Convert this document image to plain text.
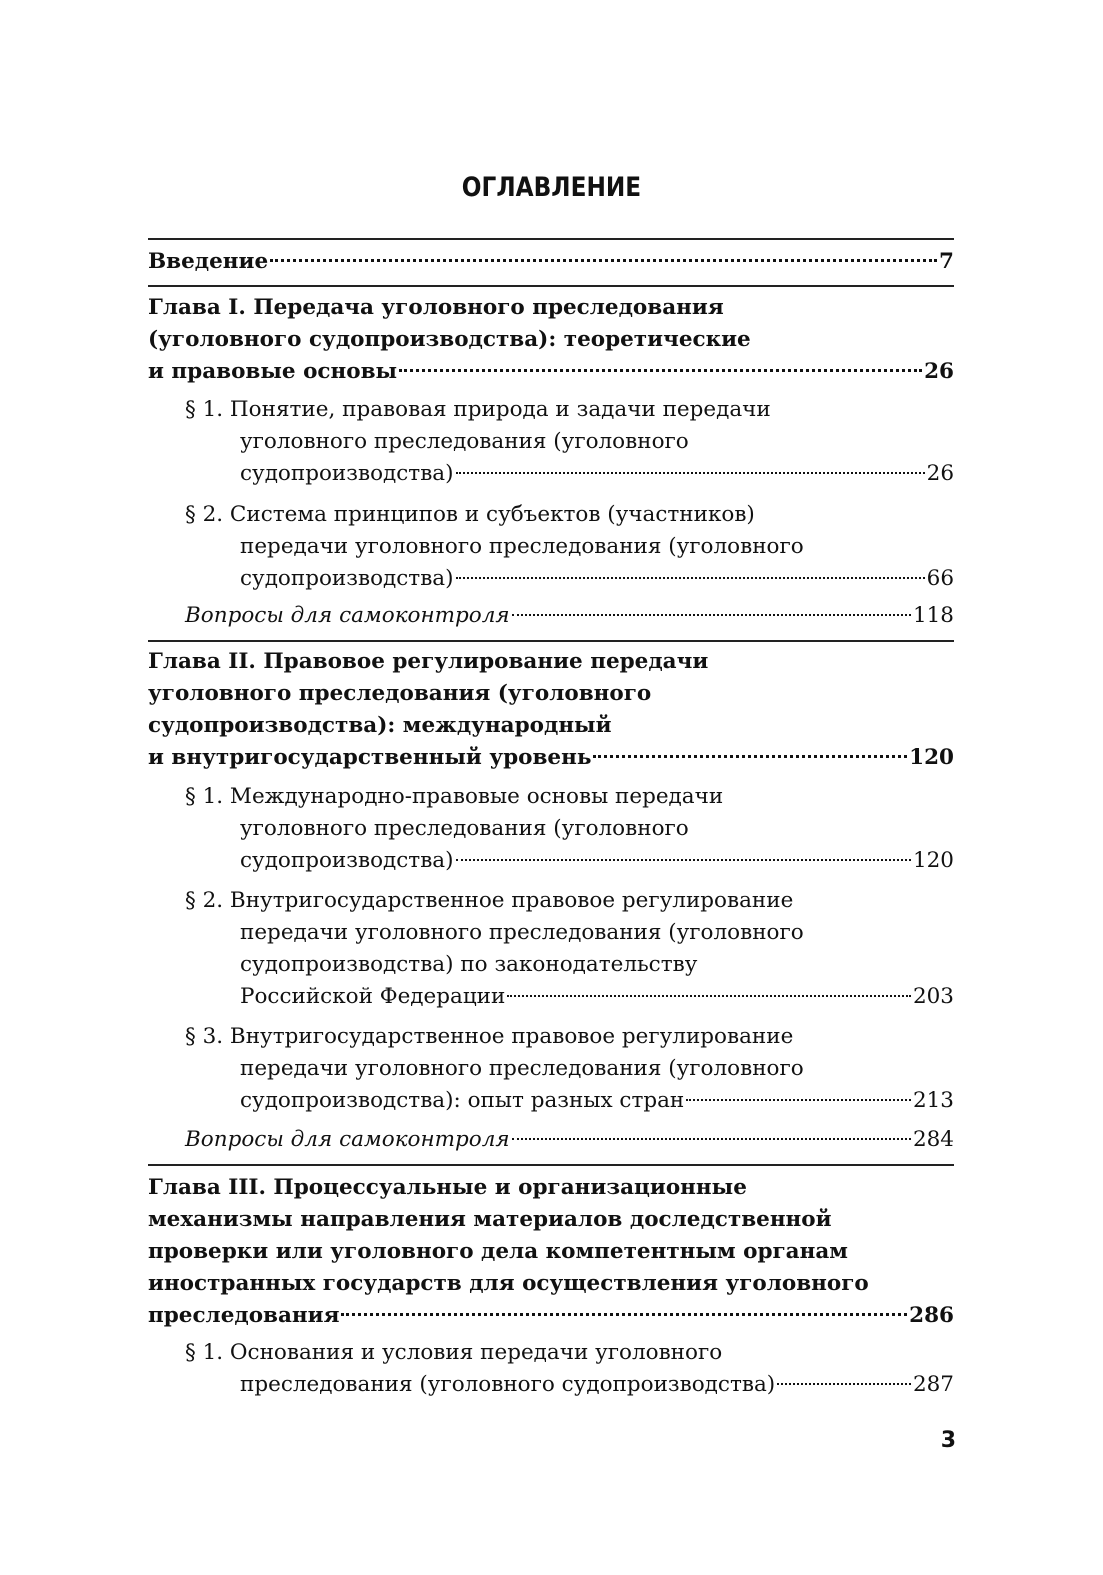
ОГЛАВЛЕНИЕ
Введение	7
Глава I. Передача уголовного преследования
(уголовного судопроизводства): теоретические
и правовые основы	26
§ 1. Понятие, правовая природа и задачи передачи
уголовного преследования (уголовного
судопроизводства)	26
§ 2. Система принципов и субъектов (участников)
передачи уголовного преследования (уголовного
судопроизводства)	66
Вопросы для самоконтроля	118
Глава II. Правовое регулирование передачи
уголовного преследования (уголовного
судопроизводства): международный
и внутригосударственный уровень	120
§ 1. Международно-правовые основы передачи
уголовного преследования (уголовного
судопроизводства)	120
§ 2. Внутригосударственное правовое регулирование
передачи уголовного преследования (уголовного
судопроизводства) по законодательству
Российской Федерации	203
§ 3. Внутригосударственное правовое регулирование
передачи уголовного преследования (уголовного
судопроизводства): опыт разных стран	213
Вопросы для самоконтроля	284
Глава III. Процессуальные и организационные
механизмы направления материалов доследственной
проверки или уголовного дела компетентным органам
иностранных государств для осуществления уголовного
преследования	286
§ 1. Основания и условия передачи уголовного
преследования (уголовного судопроизводства)	287
3
